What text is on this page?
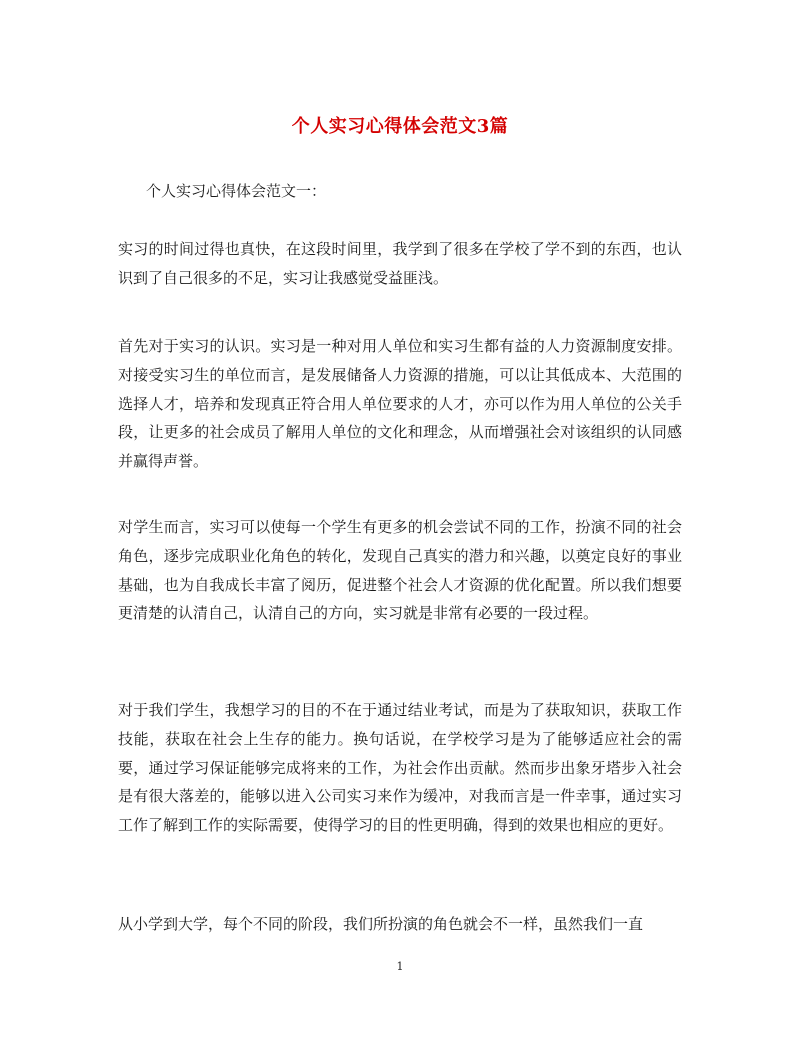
个人实习心得体会范文3篇
个人实习心得体会范文一：

实习的时间过得也真快，在这段时间里，我学到了很多在学校了学不到的东西，也认识到了自己很多的不足，实习让我感觉受益匪浅。

首先对于实习的认识。实习是一种对用人单位和实习生都有益的人力资源制度安排。对接受实习生的单位而言，是发展储备人力资源的措施，可以让其低成本、大范围的选择人才，培养和发现真正符合用人单位要求的人才，亦可以作为用人单位的公关手段，让更多的社会成员了解用人单位的文化和理念，从而增强社会对该组织的认同感并赢得声誉。

对学生而言，实习可以使每一个学生有更多的机会尝试不同的工作，扮演不同的社会角色，逐步完成职业化角色的转化，发现自己真实的潜力和兴趣，以奠定良好的事业基础，也为自我成长丰富了阅历，促进整个社会人才资源的优化配置。所以我们想要更清楚的认清自己，认清自己的方向，实习就是非常有必要的一段过程。

对于我们学生，我想学习的目的不在于通过结业考试，而是为了获取知识，获取工作技能，获取在社会上生存的能力。换句话说，在学校学习是为了能够适应社会的需要，通过学习保证能够完成将来的工作，为社会作出贡献。然而步出象牙塔步入社会是有很大落差的，能够以进入公司实习来作为缓冲，对我而言是一件幸事，通过实习工作了解到工作的实际需要，使得学习的目的性更明确，得到的效果也相应的更好。

从小学到大学，每个不同的阶段，我们所扮演的角色就会不一样，虽然我们一直

1
